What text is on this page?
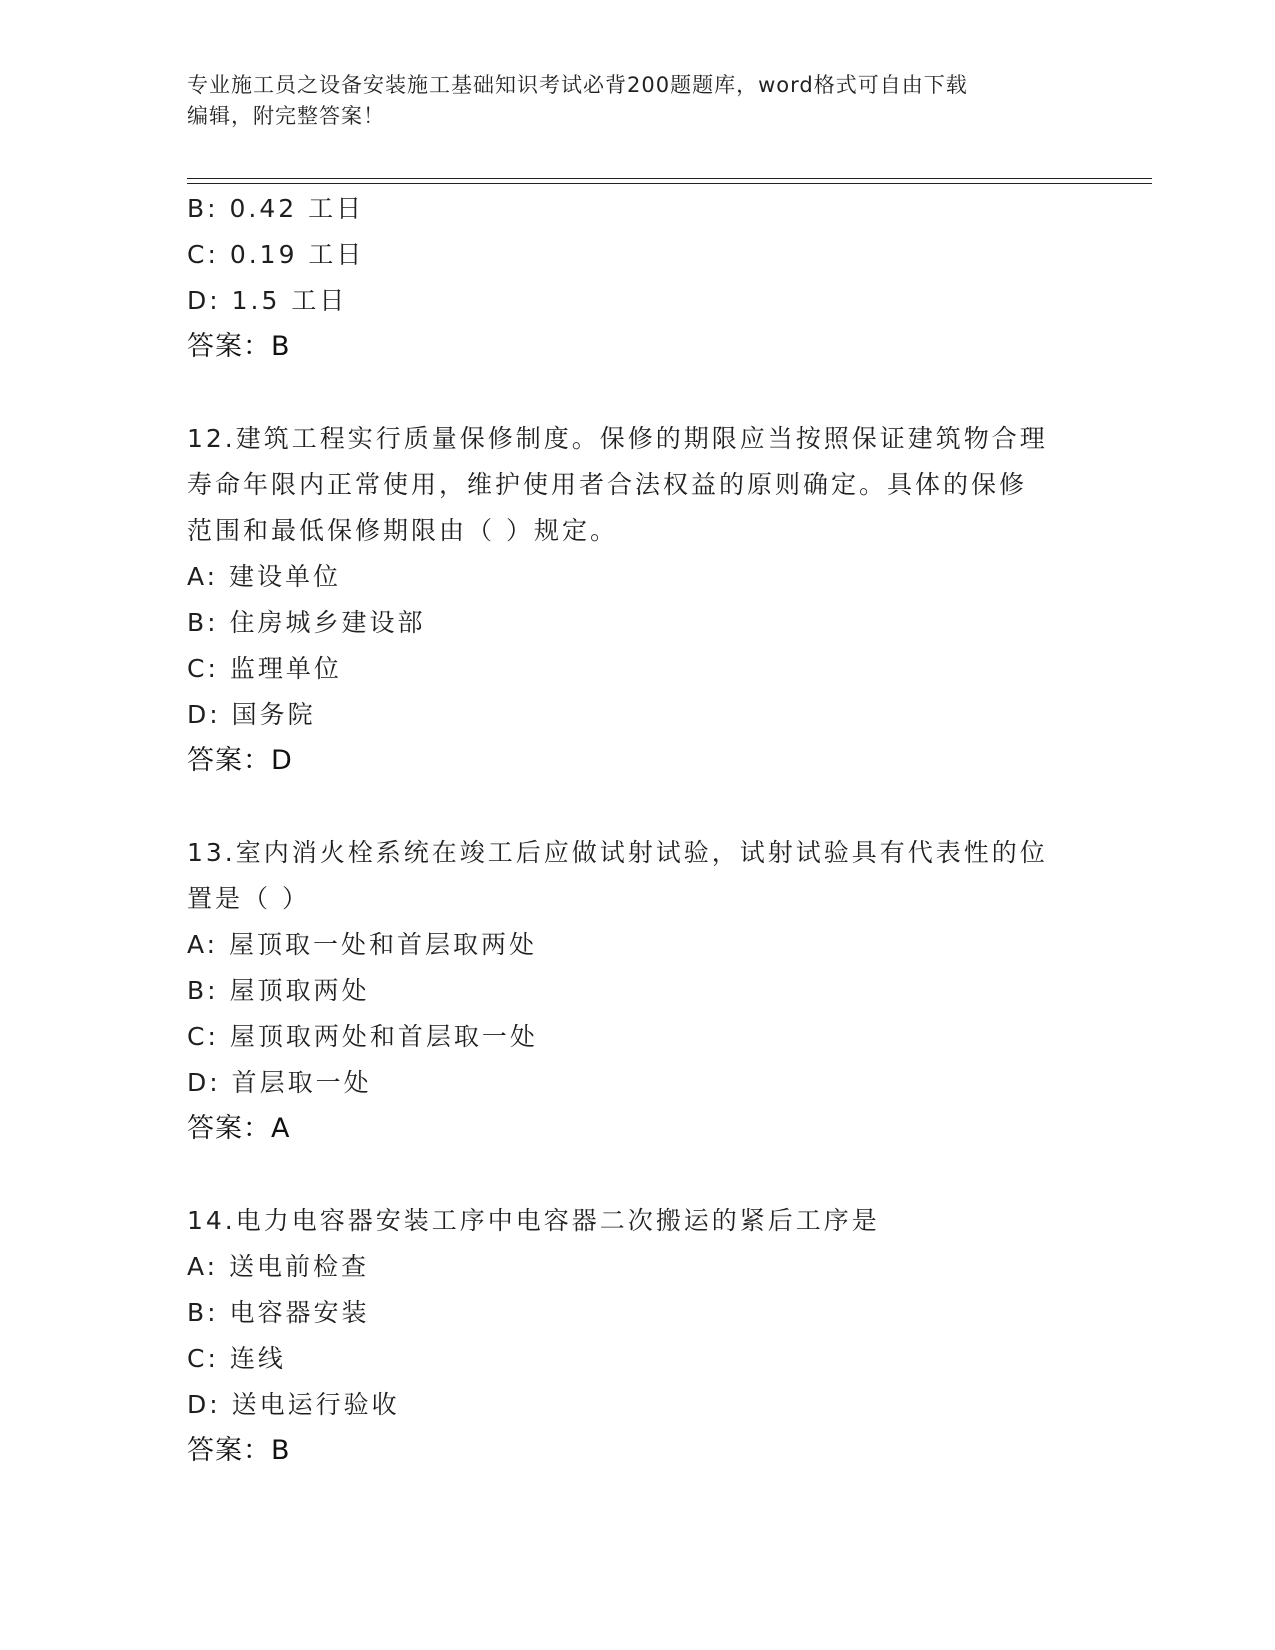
专业施工员之设备安装施工基础知识考试必背200题题库，word格式可自由下载
编辑，附完整答案！
B: 0.42 工日
C: 0.19 工日
D: 1.5 工日
答案：B
12.建筑工程实行质量保修制度。保修的期限应当按照保证建筑物合理
寿命年限内正常使用，维护使用者合法权益的原则确定。具体的保修
范围和最低保修期限由（ ）规定。
A: 建设单位
B: 住房城乡建设部
C: 监理单位
D: 国务院
答案：D
13.室内消火栓系统在竣工后应做试射试验，试射试验具有代表性的位
置是（ ）
A: 屋顶取一处和首层取两处
B: 屋顶取两处
C: 屋顶取两处和首层取一处
D: 首层取一处
答案：A
14.电力电容器安装工序中电容器二次搬运的紧后工序是
A: 送电前检查
B: 电容器安装
C: 连线
D: 送电运行验收
答案：B
